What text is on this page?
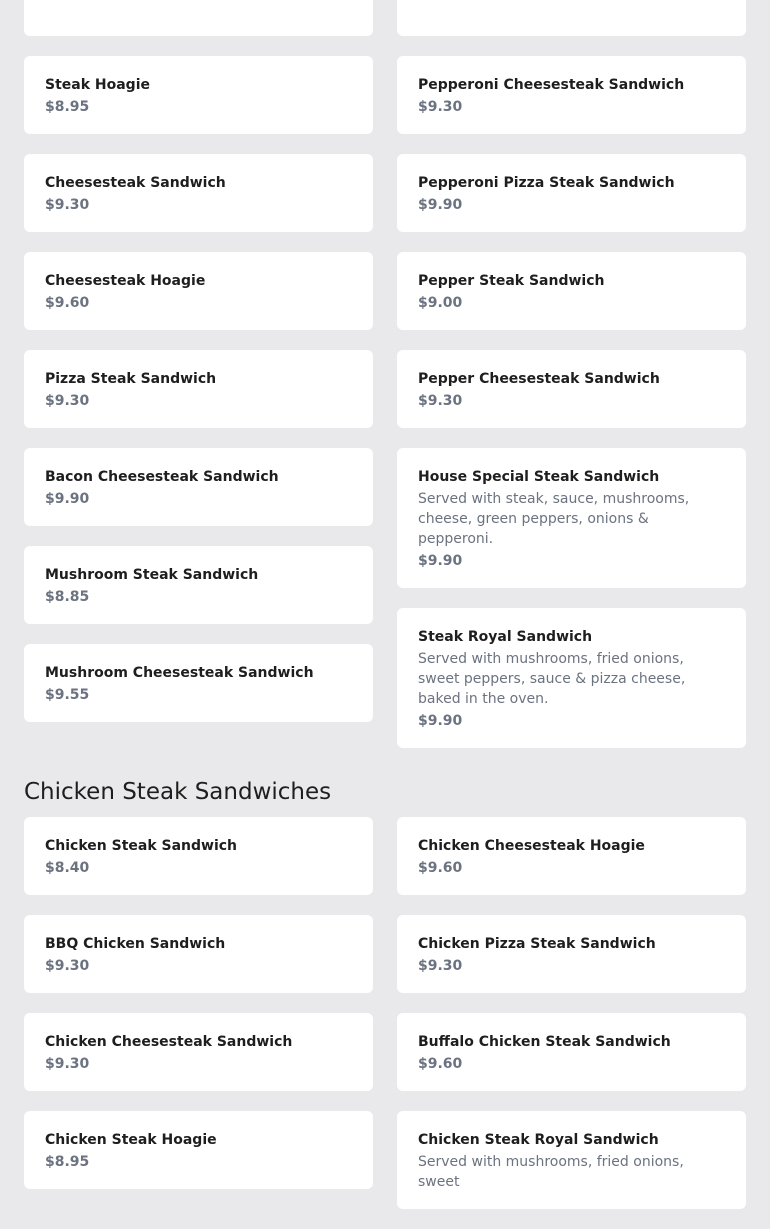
Steak Hoagie
$8.95
Cheesesteak Sandwich
$9.30
Cheesesteak Hoagie
$9.60
Pizza Steak Sandwich
$9.30
Bacon Cheesesteak Sandwich
$9.90
Mushroom Steak Sandwich
$8.85
Mushroom Cheesesteak Sandwich
$9.55
Pepperoni Cheesesteak Sandwich
$9.30
Pepperoni Pizza Steak Sandwich
$9.90
Pepper Steak Sandwich
$9.00
Pepper Cheesesteak Sandwich
$9.30
House Special Steak Sandwich
Served with steak, sauce, mushrooms, cheese, green peppers, onions & pepperoni.
$9.90
Steak Royal Sandwich
Served with mushrooms, fried onions, sweet peppers, sauce & pizza cheese, baked in the oven.
$9.90
Chicken Steak Sandwiches
Chicken Steak Sandwich
$8.40
BBQ Chicken Sandwich
$9.30
Chicken Cheesesteak Sandwich
$9.30
Chicken Steak Hoagie
$8.95
Chicken Cheesesteak Hoagie
$9.60
Chicken Pizza Steak Sandwich
$9.30
Buffalo Chicken Steak Sandwich
$9.60
Chicken Steak Royal Sandwich
Served with mushrooms, fried onions, sweet
